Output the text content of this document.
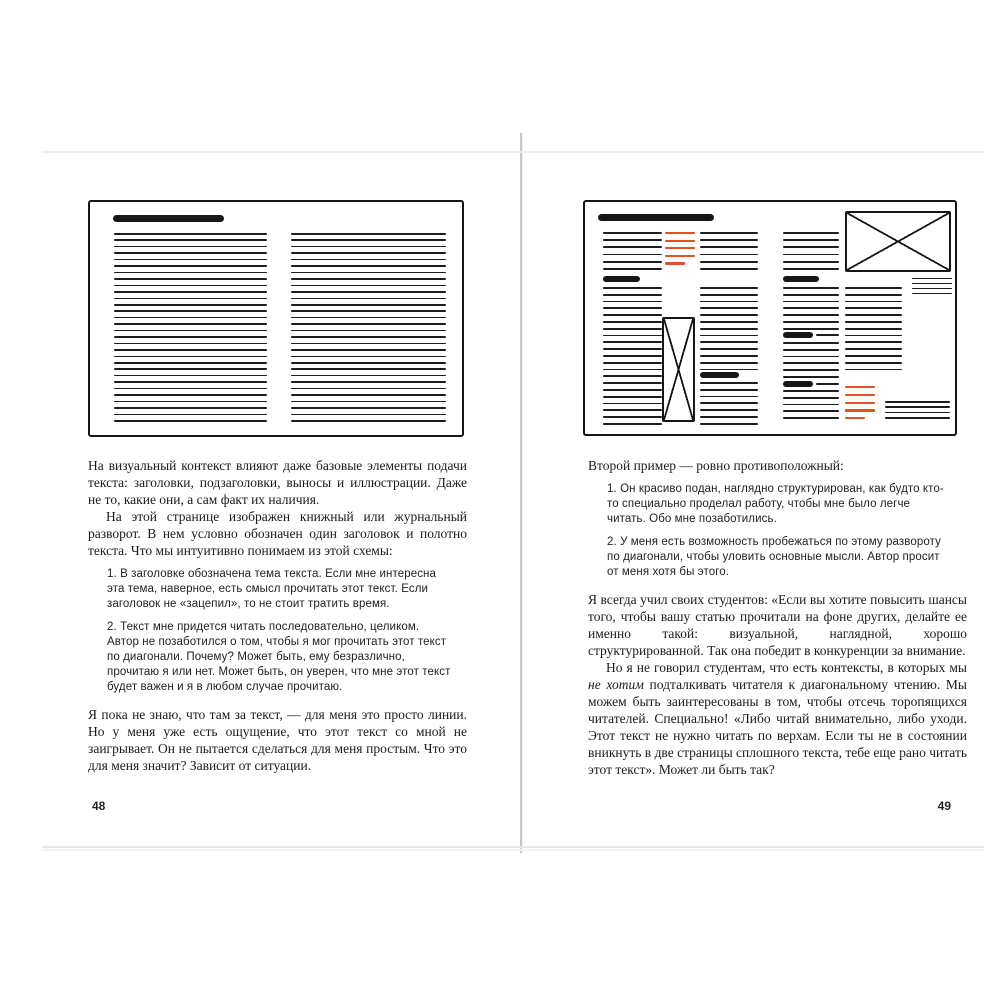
На визуальный контекст влияют даже базовые элементы подачи текста: заголовки, подзаголовки, выносы и иллюстрации. Даже не то, какие они, а сам факт их наличия.

На этой странице изображен книжный или журнальный разворот. В нем условно обозначен один заголовок и полотно текста. Что мы интуитивно понимаем из этой схемы:

1. В заголовке обозначена тема текста. Если мне интересна эта тема, наверное, есть смысл прочитать этот текст. Если заголовок не «зацепил», то не стоит тратить время.

2. Текст мне придется читать последовательно, целиком. Автор не позаботился о том, чтобы я мог прочитать этот текст по диагонали. Почему? Может быть, ему безразлично, прочитаю я или нет. Может быть, он уверен, что мне этот текст будет важен и я в любом случае прочитаю.

Я пока не знаю, что там за текст, — для меня это просто линии. Но у меня уже есть ощущение, что этот текст со мной не заигрывает. Он не пытается сделаться для меня простым. Что это для меня значит? Зависит от ситуации.

48

Второй пример — ровно противоположный:

1. Он красиво подан, наглядно структурирован, как будто кто-то специально проделал работу, чтобы мне было легче читать. Обо мне позаботились.

2. У меня есть возможность пробежаться по этому развороту по диагонали, чтобы уловить основные мысли. Автор просит от меня хотя бы этого.

Я всегда учил своих студентов: «Если вы хотите повысить шансы того, чтобы вашу статью прочитали на фоне других, делайте ее именно такой: визуальной, наглядной, хорошо структурированной. Так она победит в конкуренции за внимание.

Но я не говорил студентам, что есть контексты, в которых мы не хотим подталкивать читателя к диагональному чтению. Мы можем быть заинтересованы в том, чтобы отсечь торопящихся читателей. Специально! «Либо читай внимательно, либо уходи. Этот текст не нужно читать по верхам. Если ты не в состоянии вникнуть в две страницы сплошного текста, тебе еще рано читать этот текст». Может ли быть так?

49
